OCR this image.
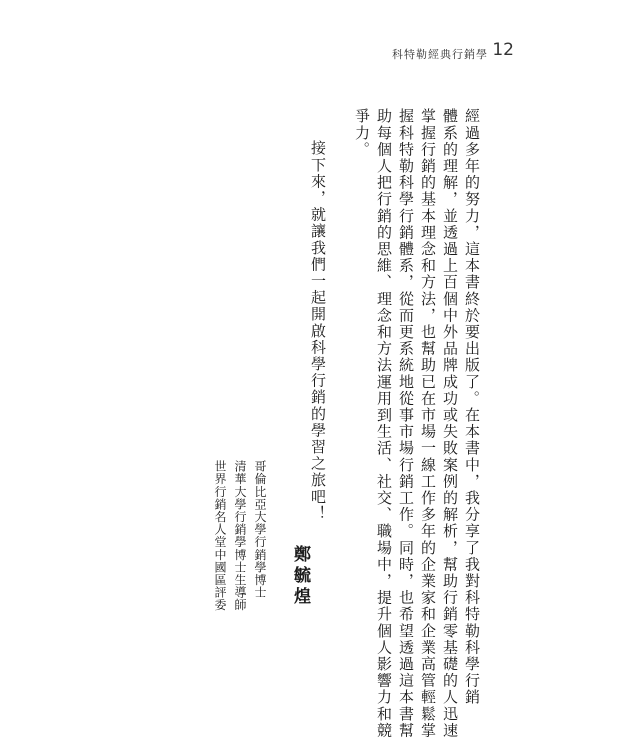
科特勒經典行銷學 12
經過多年的努力，這本書終於要出版了。在本書中，我分享了我對科特勒科學行銷
體系的理解，並透過上百個中外品牌成功或失敗案例的解析，幫助行銷零基礎的人迅速
掌握行銷的基本理念和方法，也幫助已在市場一線工作多年的企業家和企業高管輕鬆掌
握科特勒科學行銷體系，從而更系統地從事市場行銷工作。同時，也希望透過這本書幫
助每個人把行銷的思維、理念和方法運用到生活、社交、職場中，提升個人影響力和競
爭力。
接下來，就讓我們一起開啟科學行銷的學習之旅吧！
鄭毓煌
哥倫比亞大學行銷學博士
清華大學行銷學博士生導師
世界行銷名人堂中國區評委
